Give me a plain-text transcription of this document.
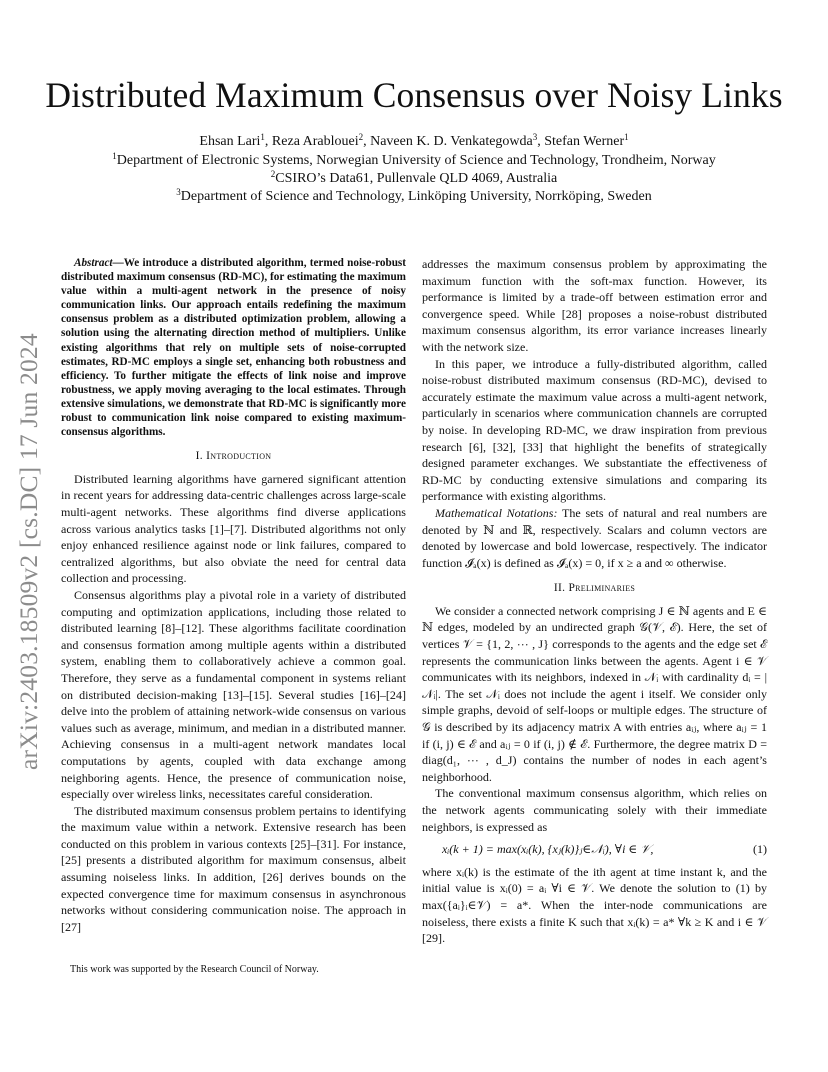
Distributed Maximum Consensus over Noisy Links
Ehsan Lari$^1$, Reza Arablouei$^2$, Naveen K. D. Venkategowda$^3$, Stefan Werner$^1$
$^1$Department of Electronic Systems, Norwegian University of Science and Technology, Trondheim, Norway
$^2$CSIRO’s Data61, Pullenvale QLD 4069, Australia
$^3$Department of Science and Technology, Linköping University, Norrköping, Sweden
arXiv:2403.18509v2 [cs.DC] 17 Jun 2024

Abstract—We introduce a distributed algorithm, termed noise-robust distributed maximum consensus (RD-MC), for estimating the maximum value within a multi-agent network in the presence of noisy communication links. Our approach entails redefining the maximum consensus problem as a distributed optimization problem, allowing a solution using the alternating direction method of multipliers. Unlike existing algorithms that rely on multiple sets of noise-corrupted estimates, RD-MC employs a single set, enhancing both robustness and efficiency. To further mitigate the effects of link noise and improve robustness, we apply moving averaging to the local estimates. Through extensive simulations, we demonstrate that RD-MC is significantly more robust to communication link noise compared to existing maximum-consensus algorithms.

I. Introduction

Distributed learning algorithms have garnered significant attention in recent years for addressing data-centric challenges across large-scale multi-agent networks. These algorithms find diverse applications across various analytics tasks [1]–[7]. Distributed algorithms not only enjoy enhanced resilience against node or link failures, compared to centralized algorithms, but also obviate the need for central data collection and processing.

Consensus algorithms play a pivotal role in a variety of distributed computing and optimization applications, including those related to distributed learning [8]–[12]. These algorithms facilitate coordination and consensus formation among multiple agents within a distributed system, enabling them to collaboratively achieve a common goal. Therefore, they serve as a fundamental component in systems reliant on distributed decision-making [13]–[15]. Several studies [16]–[24] delve into the problem of attaining network-wide consensus on various values such as average, minimum, and median in a distributed manner. Achieving consensus in a multi-agent network mandates local computations by agents, coupled with data exchange among neighboring agents. Hence, the presence of communication noise, especially over wireless links, necessitates careful consideration.

The distributed maximum consensus problem pertains to identifying the maximum value within a network. Extensive research has been conducted on this problem in various contexts [25]–[31]. For instance, [25] presents a distributed algorithm for maximum consensus, albeit assuming noiseless links. In addition, [26] derives bounds on the expected convergence time for maximum consensus in asynchronous networks without considering communication noise. The approach in [27]

addresses the maximum consensus problem by approximating the maximum function with the soft-max function. However, its performance is limited by a trade-off between estimation error and convergence speed. While [28] proposes a noise-robust distributed maximum consensus algorithm, its error variance increases linearly with the network size.

In this paper, we introduce a fully-distributed algorithm, called noise-robust distributed maximum consensus (RD-MC), devised to accurately estimate the maximum value across a multi-agent network, particularly in scenarios where communication channels are corrupted by noise. In developing RD-MC, we draw inspiration from previous research [6], [32], [33] that highlight the benefits of strategically designed parameter exchanges. We substantiate the effectiveness of RD-MC by conducting extensive simulations and comparing its performance with existing algorithms.

Mathematical Notations: The sets of natural and real numbers are denoted by ℕ and ℝ, respectively. Scalars and column vectors are denoted by lowercase and bold lowercase, respectively. The indicator function 𝓘ₐ(x) is defined as 𝓘ₐ(x) = 0, if x ≥ a and ∞ otherwise.

II. Preliminaries

We consider a connected network comprising J ∈ ℕ agents and E ∈ ℕ edges, modeled by an undirected graph 𝒢(𝒱, ℰ). Here, the set of vertices 𝒱 = {1, 2, ⋯ , J} corresponds to the agents and the edge set ℰ represents the communication links between the agents. Agent i ∈ 𝒱 communicates with its neighbors, indexed in 𝒩ᵢ with cardinality dᵢ = |𝒩ᵢ|. The set 𝒩ᵢ does not include the agent i itself. We consider only simple graphs, devoid of self-loops or multiple edges. The structure of 𝒢 is described by its adjacency matrix A with entries aᵢⱼ, where aᵢⱼ = 1 if (i, j) ∈ ℰ and aᵢⱼ = 0 if (i, j) ∉ ℰ. Furthermore, the degree matrix D = diag(d₁, ⋯ , d_J) contains the number of nodes in each agent’s neighborhood.

The conventional maximum consensus algorithm, which relies on the network agents communicating solely with their immediate neighbors, is expressed as

xᵢ(k + 1) = max(xᵢ(k), {xⱼ(k)}ⱼ∈𝒩ᵢ), ∀i ∈ 𝒱,	(1)

where xᵢ(k) is the estimate of the ith agent at time instant k, and the initial value is xᵢ(0) = aᵢ ∀i ∈ 𝒱. We denote the solution to (1) by max({aᵢ}ᵢ∈𝒱) = a*. When the inter-node communications are noiseless, there exists a finite K such that xᵢ(k) = a* ∀k ≥ K and i ∈ 𝒱 [29].

This work was supported by the Research Council of Norway.
